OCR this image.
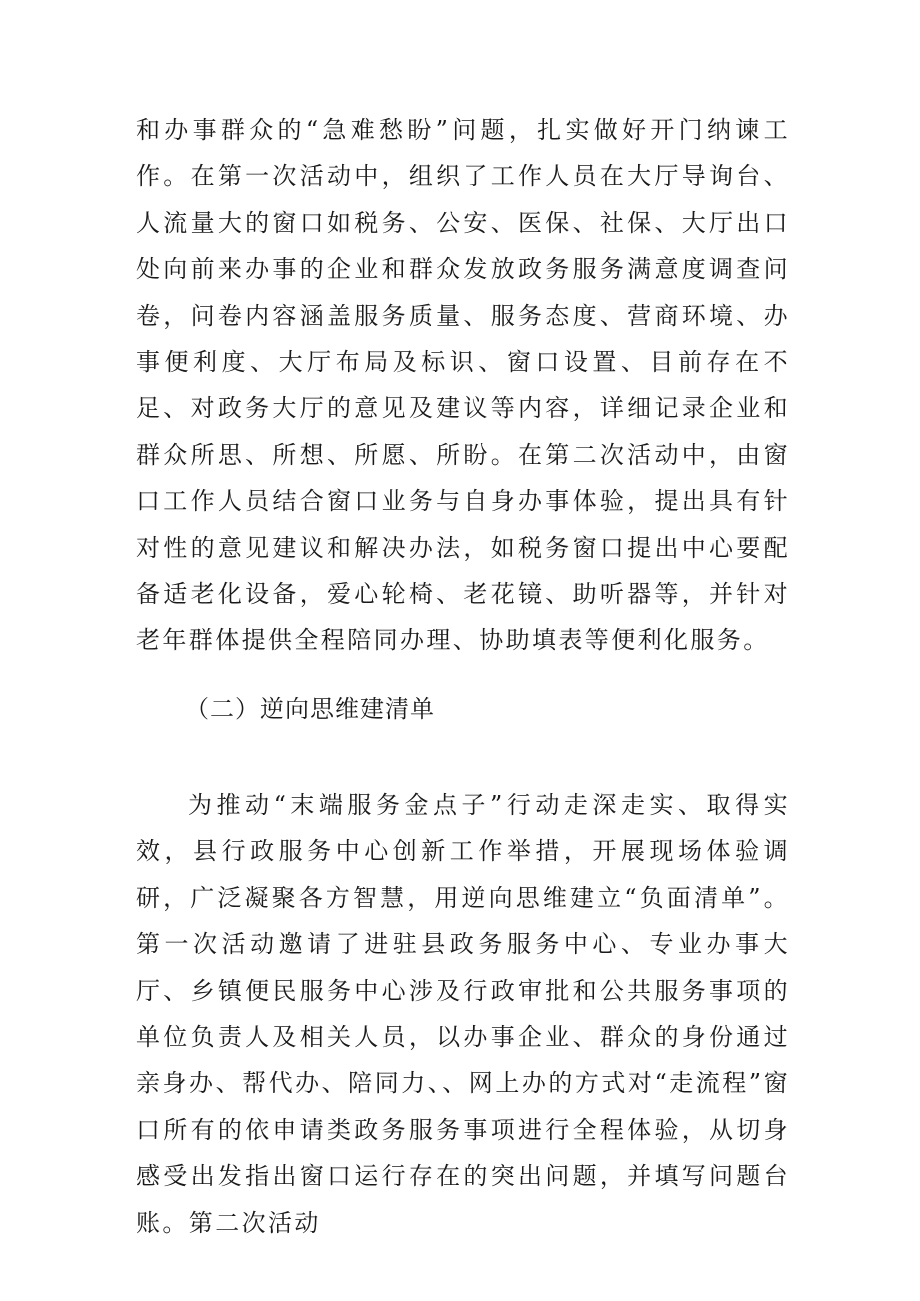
和办事群众的“急难愁盼”问题，扎实做好开门纳谏工作。在第一次活动中，组织了工作人员在大厅导询台、人流量大的窗口如税务、公安、医保、社保、大厅出口处向前来办事的企业和群众发放政务服务满意度调查问卷，问卷内容涵盖服务质量、服务态度、营商环境、办事便利度、大厅布局及标识、窗口设置、目前存在不足、对政务大厅的意见及建议等内容，详细记录企业和群众所思、所想、所愿、所盼。在第二次活动中，由窗口工作人员结合窗口业务与自身办事体验，提出具有针对性的意见建议和解决办法，如税务窗口提出中心要配备适老化设备，爱心轮椅、老花镜、助听器等，并针对老年群体提供全程陪同办理、协助填表等便利化服务。

（二）逆向思维建清单

为推动“末端服务金点子”行动走深走实、取得实效，县行政服务中心创新工作举措，开展现场体验调研，广泛凝聚各方智慧，用逆向思维建立“负面清单”。第一次活动邀请了进驻县政务服务中心、专业办事大厅、乡镇便民服务中心涉及行政审批和公共服务事项的单位负责人及相关人员，以办事企业、群众的身份通过亲身办、帮代办、陪同力、、网上办的方式对“走流程”窗口所有的依申请类政务服务事项进行全程体验，从切身感受出发指出窗口运行存在的突出问题，并填写问题台账。第二次活动
